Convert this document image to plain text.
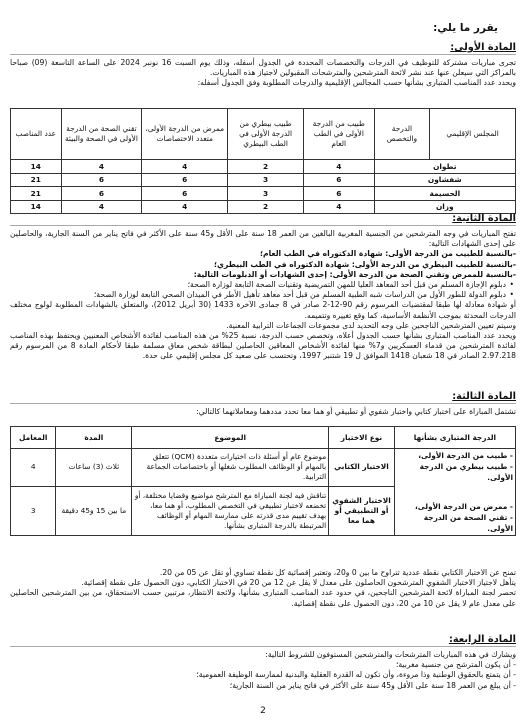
يقرر ما يلي:

المادة الأولى:

تجرى مباريات مشتركة للتوظيف في الدرجات والتخصصات المحددة في الجدول أسفله، وذلك يوم السبت 16 نونبر 2024 على الساعة التاسعة (09) صباحا بالمراكز التي سيعلن عنها عند نشر لائحة المترشحين والمترشحات المقبولين لاجتياز هذه المباريات.

ويحدد عدد المناصب المتبارى بشأنها حسب المجالس الإقليمية والدرجات المطلوبة وفق الجدول أسفله:

المجلس الإقليمي	الدرجة والتخصص	طبيب من الدرجة الأولى في الطب العام	طبيب بيطري من الدرجة الأولى في الطب البيطري	ممرض من الدرجة الأولى، متعدد الاختصاصات	تقني الصحة من الدرجة الأولى في الصحة والبيئة	عدد المناصب
تطوان		4	2	4	4	14
شفشاون		6	3	6	6	21
الحسيمة		6	3	6	6	21
وزان		4	2	4	4	14

المادة الثانية:

تفتح المباريات في وجه المترشحين من الجنسية المغربية البالغين من العمر 18 سنة على الأقل و45 سنة على الأكثر في فاتح يناير من السنة الجارية، والحاصلين على إحدى الشهادات التالية:

-بالنسبة للطبيب من الدرجة الأولى: شهادة الدكتوراه في الطب العام؛

-بالنسبة للطبيب البيطري من الدرجة الأولى: شهادة الدكتوراه في الطب البيطري؛

-بالنسبة للممرض وتقني الصحة من الدرجة الأولى: إحدى الشهادات أو الدبلومات التالية:

• دبلوم الإجازة المسلم من قبل أحد المعاهد العليا للمهن التمريضية وتقنيات الصحة التابعة لوزارة الصحة؛
• دبلوم الدولة للطور الأول من الدراسات شبه الطبية المسلم من قبل أحد معاهد تأهيل الأطر في الميدان الصحي التابعة لوزارة الصحة؛

أو شهادة معادلة لها طبقا لمقتضيات المرسوم رقم 90-12-2 صادر في 8 جمادى الآخرة 1433 (30 أبريل 2012)، والمتعلق بالشهادات المطلوبة لولوج مختلف الدرجات المحدثة بموجب الأنظمة الأساسية، كما وقع تغييره وتتميمه.

وسيتم تعيين المترشحين الناجحين على وجه التحديد لدى مجموعات الجماعات الترابية المعنية.

ويحدد عدد المناصب المتبارى بشأنها حسب الجدول أعلاه، وتخصص حسب الدرجة، نسبة 25% من هذه المناصب لفائدة الأشخاص المعنيين ويحتفظ بهذه المناصب لفائدة المترشحين من قدماء العسكريين و7% منها لفائدة الأشخاص المعاقين الحاصلين لبطاقة شخص معاق مسلمة طبقا لأحكام المادة 8 من المرسوم رقم 2.97.218 الصادر في 18 شعبان 1418 الموافق ل 19 شتنبر 1997، وتحتسب على صعيد كل مجلس إقليمي على حدة.

المادة الثالثة:

تشتمل المباراة على اختبار كتابي واختبار شفوي أو تطبيقي أو هما معا تحدد مددهما ومعاملاتهما كالتالي:

الدرجة المتبارى بشأنها	نوع الاختبار	الموضوع	المدة	المعامل

- طبيب من الدرجة الأولى،
- طبيب بيطري من الدرجة الأولى.
- ممرض من الدرجة الأولى،
- تقني الصحة من الدرجة الأولى.	الاختبار الكتابي	موضوع عام أو أسئلة ذات اختيارات متعددة (QCM) تتعلق بالمهام أو الوظائف المطلوب شغلها أو باختصاصات الجماعة الترابية.	ثلاث (3) ساعات	4
	الاختبار الشفوي أو التطبيقي أو هما معا	تناقش فيه لجنة المباراة مع المترشح مواضيع وقضايا مختلفة، أو تخضعه لاختبار تطبيقي في التخصص المطلوب، أو هما معا، بهدف تقييم مدى قدرته على ممارسة المهام أو الوظائف المرتبطة بالدرجة المتبارى بشأنها.	ما بين 15 و45 دقيقة	3

تمنح عن الاختبار الكتابي نقطة عددية تتراوح ما بين 0 و20، وتعتبر إقصائية كل نقطة تساوي أو تقل عن 05 من 20.

يتأهل لاجتياز الاختبار الشفوي المترشحون الحاصلون على معدل لا يقل عن 12 من 20 في الاختبار الكتابي، دون الحصول على نقطة إقصائية.

تحصر لجنة المباراة لائحة المترشحين الناجحين، في حدود عدد المناصب المتبارى بشأنها، ولائحة الانتظار، مرتبين حسب الاستحقاق، من بين المترشحين الحاصلين على معدل عام لا يقل عن 10 من 20، دون الحصول على نقطة إقصائية.

المادة الرابعة:

ويشارك في هذه المباريات المترشحات والمترشحين المستوفون للشروط التالية:

- أن يكون المترشح من جنسية مغربية؛

- أن يتمتع بالحقوق الوطنية وذا مروءة، وأن تكون له القدرة العقلية والبدنية لممارسة الوظيفة العمومية؛

- أن يبلغ من العمر 18 سنة على الأقل و45 سنة على الأكثر في فاتح يناير من السنة الجارية؛

2
